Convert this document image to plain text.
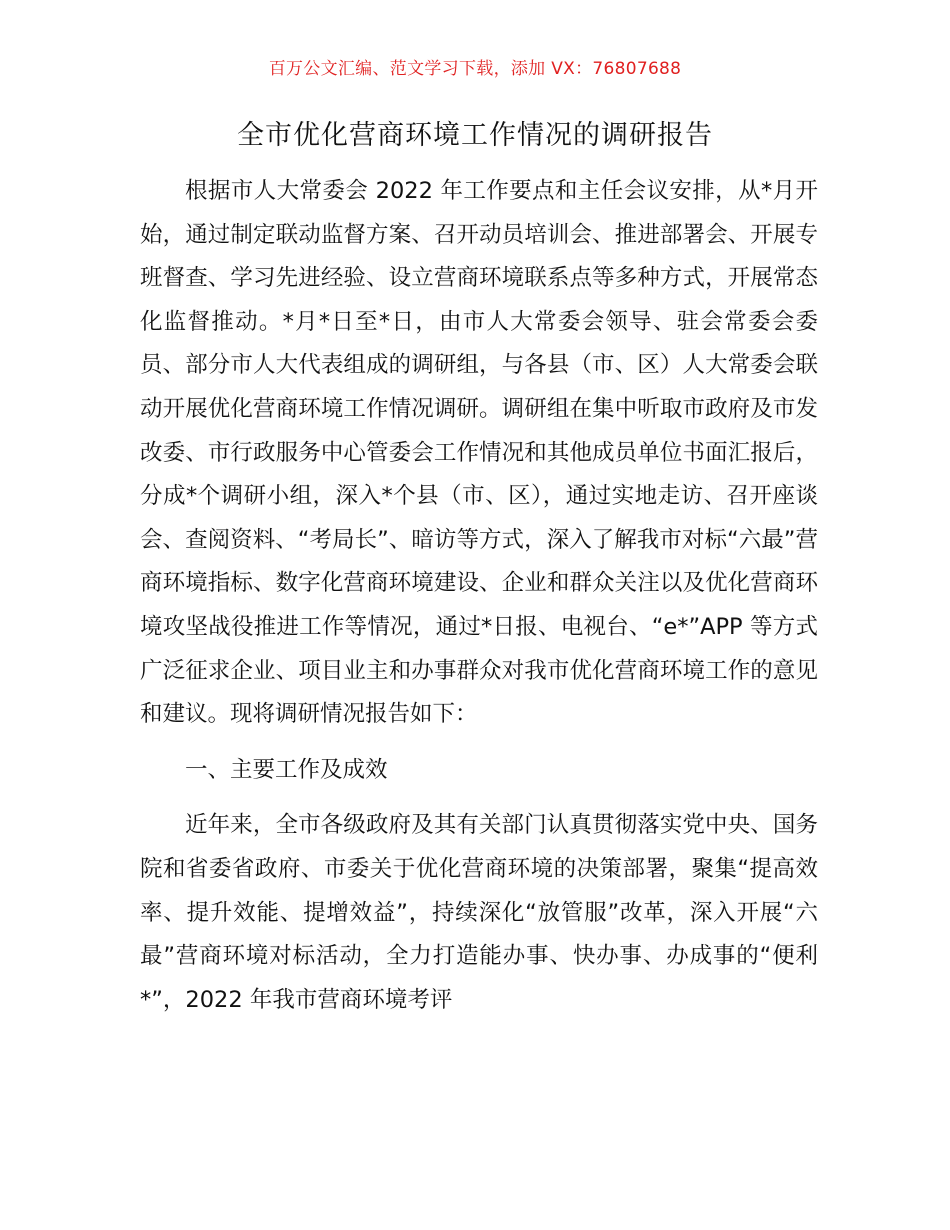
百万公文汇编、范文学习下载，添加 VX：76807688
全市优化营商环境工作情况的调研报告

根据市人大常委会 2022 年工作要点和主任会议安排，从*月开始，通过制定联动监督方案、召开动员培训会、推进部署会、开展专班督查、学习先进经验、设立营商环境联系点等多种方式，开展常态化监督推动。*月*日至*日，由市人大常委会领导、驻会常委会委员、部分市人大代表组成的调研组，与各县（市、区）人大常委会联动开展优化营商环境工作情况调研。调研组在集中听取市政府及市发改委、市行政服务中心管委会工作情况和其他成员单位书面汇报后，分成*个调研小组，深入*个县（市、区），通过实地走访、召开座谈会、查阅资料、“考局长”、暗访等方式，深入了解我市对标“六最”营商环境指标、数字化营商环境建设、企业和群众关注以及优化营商环境攻坚战役推进工作等情况，通过*日报、电视台、“e*”APP 等方式广泛征求企业、项目业主和办事群众对我市优化营商环境工作的意见和建议。现将调研情况报告如下：

一、主要工作及成效

近年来，全市各级政府及其有关部门认真贯彻落实党中央、国务院和省委省政府、市委关于优化营商环境的决策部署，聚集“提高效率、提升效能、提增效益”，持续深化“放管服”改革，深入开展“六最”营商环境对标活动，全力打造能办事、快办事、办成事的“便利*”，2022 年我市营商环境考评
